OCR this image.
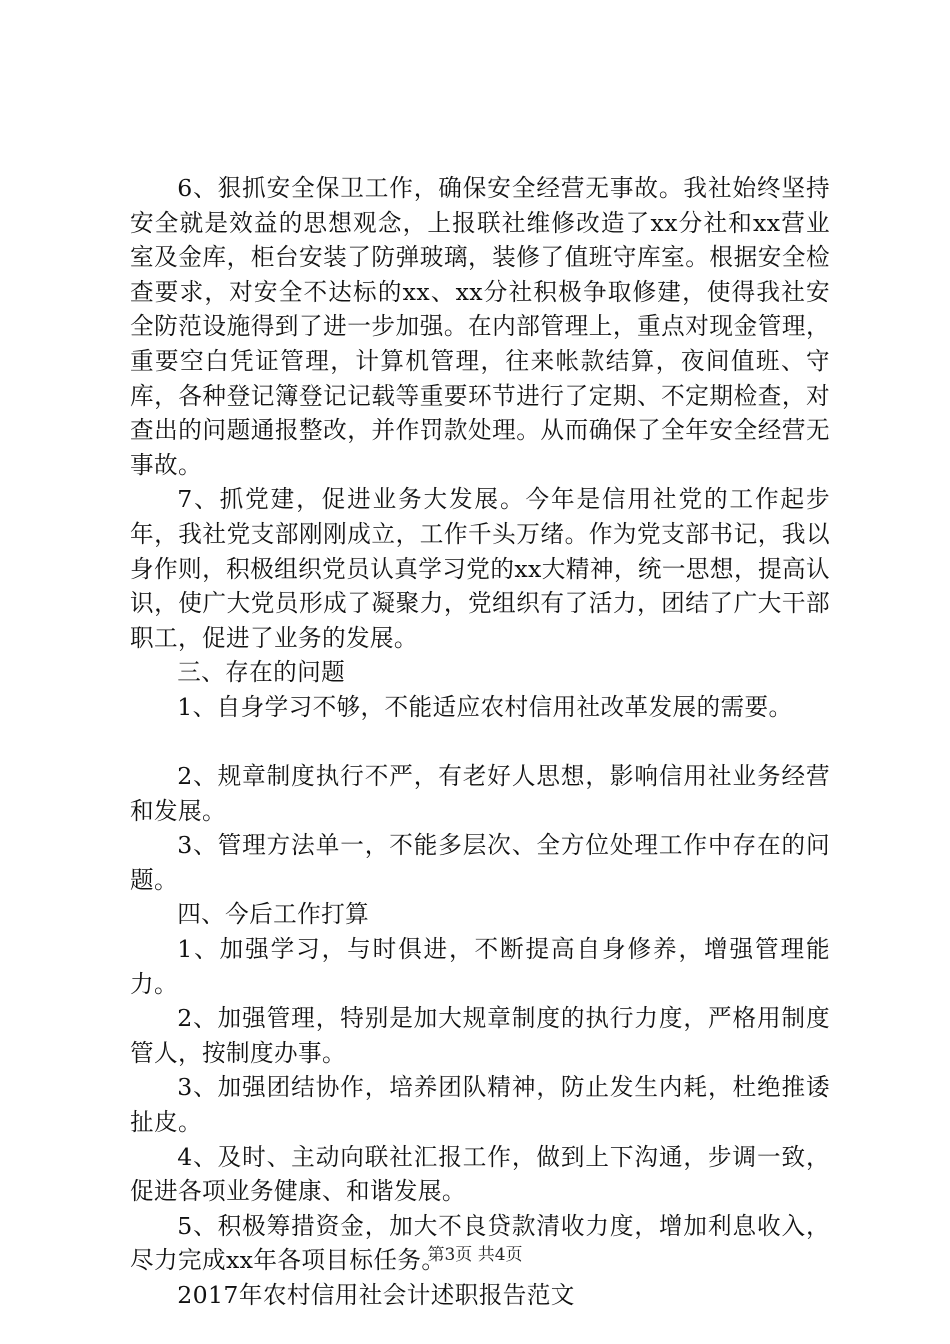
6、狠抓安全保卫工作，确保安全经营无事故。我社始终坚持安全就是效益的思想观念，上报联社维修改造了xx分社和xx营业室及金库，柜台安装了防弹玻璃，装修了值班守库室。根据安全检查要求，对安全不达标的xx、xx分社积极争取修建，使得我社安全防范设施得到了进一步加强。在内部管理上，重点对现金管理，重要空白凭证管理，计算机管理，往来帐款结算，夜间值班、守库，各种登记簿登记记载等重要环节进行了定期、不定期检查，对查出的问题通报整改，并作罚款处理。从而确保了全年安全经营无事故。

7、抓党建，促进业务大发展。今年是信用社党的工作起步年，我社党支部刚刚成立，工作千头万绪。作为党支部书记，我以身作则，积极组织党员认真学习党的xx大精神，统一思想，提高认识，使广大党员形成了凝聚力，党组织有了活力，团结了广大干部职工，促进了业务的发展。

三、存在的问题

1、自身学习不够，不能适应农村信用社改革发展的需要。

2、规章制度执行不严，有老好人思想，影响信用社业务经营和发展。

3、管理方法单一，不能多层次、全方位处理工作中存在的问题。

四、今后工作打算

1、加强学习，与时俱进，不断提高自身修养，增强管理能力。

2、加强管理，特别是加大规章制度的执行力度，严格用制度管人，按制度办事。

3、加强团结协作，培养团队精神，防止发生内耗，杜绝推诿扯皮。

4、及时、主动向联社汇报工作，做到上下沟通，步调一致，促进各项业务健康、和谐发展。

5、积极筹措资金，加大不良贷款清收力度，增加利息收入，尽力完成xx年各项目标任务。

2017年农村信用社会计述职报告范文

第3页 共4页
